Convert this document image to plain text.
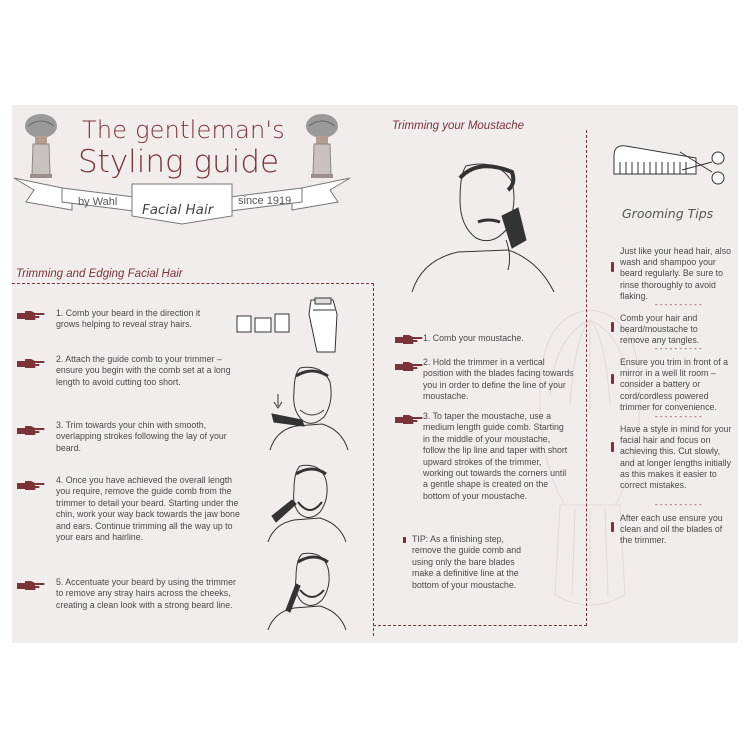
The gentleman's
Styling guide
by Wahl Facial Hair
since 1919
Trimming and Edging Facial Hair
1. Comb your beard in the direction it grows helping to reveal stray hairs.
2. Attach the guide comb to your trimmer – ensure you begin with the comb set at a long length to avoid cutting too short.
3. Trim towards your chin with smooth, overlapping strokes following the lay of your beard.
4. Once you have achieved the overall length you require, remove the guide comb from the trimmer to detail your beard. Starting under the chin, work your way back towards the jaw bone and ears. Continue trimming all the way up to your ears and hairline.
5. Accentuate your beard by using the trimmer to remove any stray hairs across the cheeks, creating a clean look with a strong beard line.
Trimming your Moustache
1. Comb your moustache.
2. Hold the trimmer in a vertical position with the blades facing towards you in order to define the line of your moustache.
3. To taper the moustache, use a medium length guide comb. Starting in the middle of your moustache, follow the lip line and taper with short upward strokes of the trimmer, working out towards the corners until a gentle shape is created on the bottom of your moustache.
TIP: As a finishing step, remove the guide comb and using only the bare blades make a definitive line at the bottom of your moustache.
Grooming Tips
Just like your head hair, also wash and shampoo your beard regularly. Be sure to rinse thoroughly to avoid flaking.
- - - - - - - - - -
Comb your hair and beard/moustache to remove any tangles.
- - - - - - - - - -
Ensure you trim in front of a mirror in a well lit room – consider a battery or cord/cordless powered trimmer for convenience.
- - - - - - - - - -
Have a style in mind for your facial hair and focus on achieving this. Cut slowly, and at longer lengths initially as this makes it easier to correct mistakes.
- - - - - - - - - -
After each use ensure you clean and oil the blades of the trimmer.
